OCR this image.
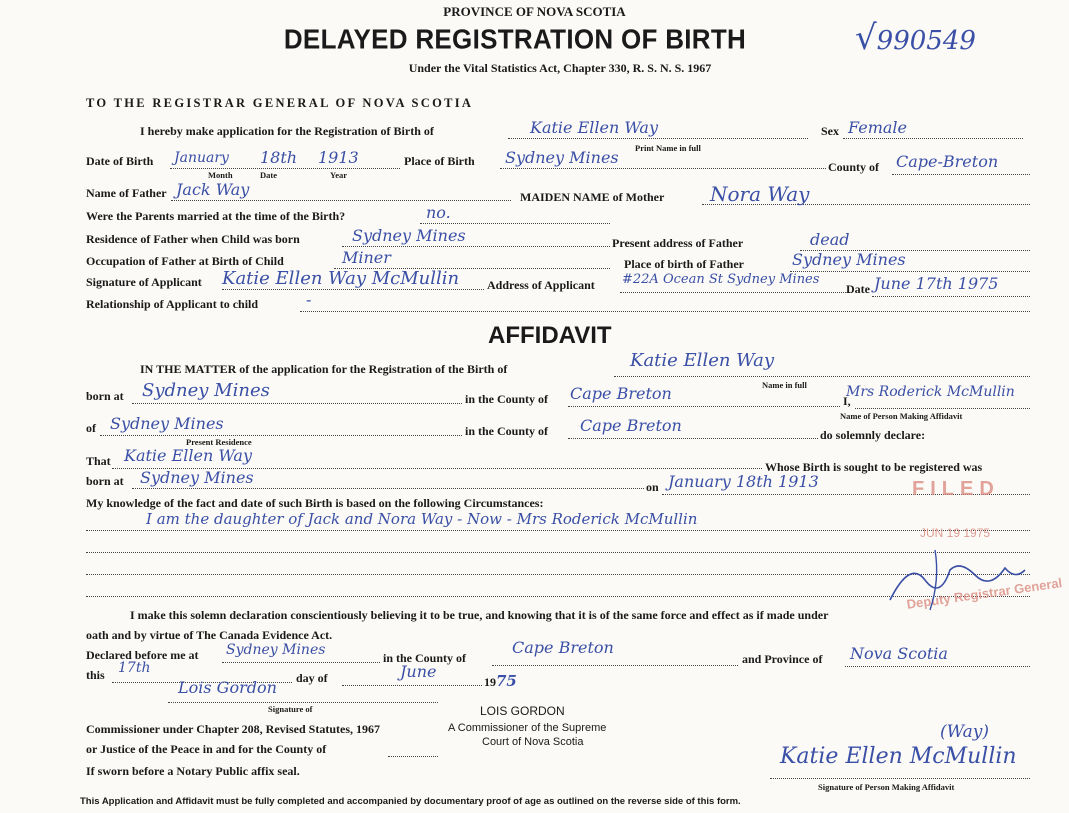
PROVINCE OF NOVA SCOTIA
DELAYED REGISTRATION OF BIRTH
Under the Vital Statistics Act, Chapter 330, R. S. N. S. 1967
√990549
TO THE REGISTRAR GENERAL OF NOVA SCOTIA
I hereby make application for the Registration of Birth of	Katie Ellen Way	Sex Female
Print Name in full
Date of Birth January 18th 1913
Month	Date	Year
Place of Birth Sydney Mines	County of Cape-Breton
Name of Father Jack Way	MAIDEN NAME of Mother Nora Way
Were the Parents married at the time of the Birth?	no.
Residence of Father when Child was born	Sydney Mines	Present address of Father	dead
Occupation of Father at Birth of Child	Miner	Place of birth of Father	Sydney Mines
Signature of Applicant Katie Ellen Way McMullin Address of Applicant #22A Ocean St Sydney Mines
Date June 17th 1975
Relationship of Applicant to child	-
AFFIDAVIT
IN THE MATTER of the application for the Registration of the Birth of	Katie Ellen Way
Name in full
born at Sydney Mines	in the County of Cape Breton	I,
Mrs Roderick McMullin
Name of Person Making Affidavit
of Sydney Mines
Present Residence
in the County of Cape Breton	do solemnly declare:
That Katie Ellen Way
Whose Birth is sought to be registered was
born at Sydney Mines	on January 18th 1913
My knowledge of the fact and date of such Birth is based on the following Circumstances:
I am the daughter of Jack and Nora Way - Now - Mrs Roderick McMullin
FILED
JUN 19 1975
Deputy Registrar General
I make this solemn declaration conscientiously believing it to be true, and knowing that it is of the same force and effect as if made under
oath and by virtue of The Canada Evidence Act.
Declared before me at Sydney Mines	in the County of
Cape Breton
and Province of Nova Scotia
this 17th
day of	June
1975
Lois Gordon
Signature of	LOIS GORDON
Commissioner under Chapter 208, Revised Statutes, 1967	A Commissioner of the Supreme
Court of Nova Scotia
or Justice of the Peace in and for the County of
If sworn before a Notary Public affix seal.
(Way)
Katie Ellen McMullin
Signature of Person Making Affidavit
This Application and Affidavit must be fully completed and accompanied by documentary proof of age as outlined on the reverse side of this form.
